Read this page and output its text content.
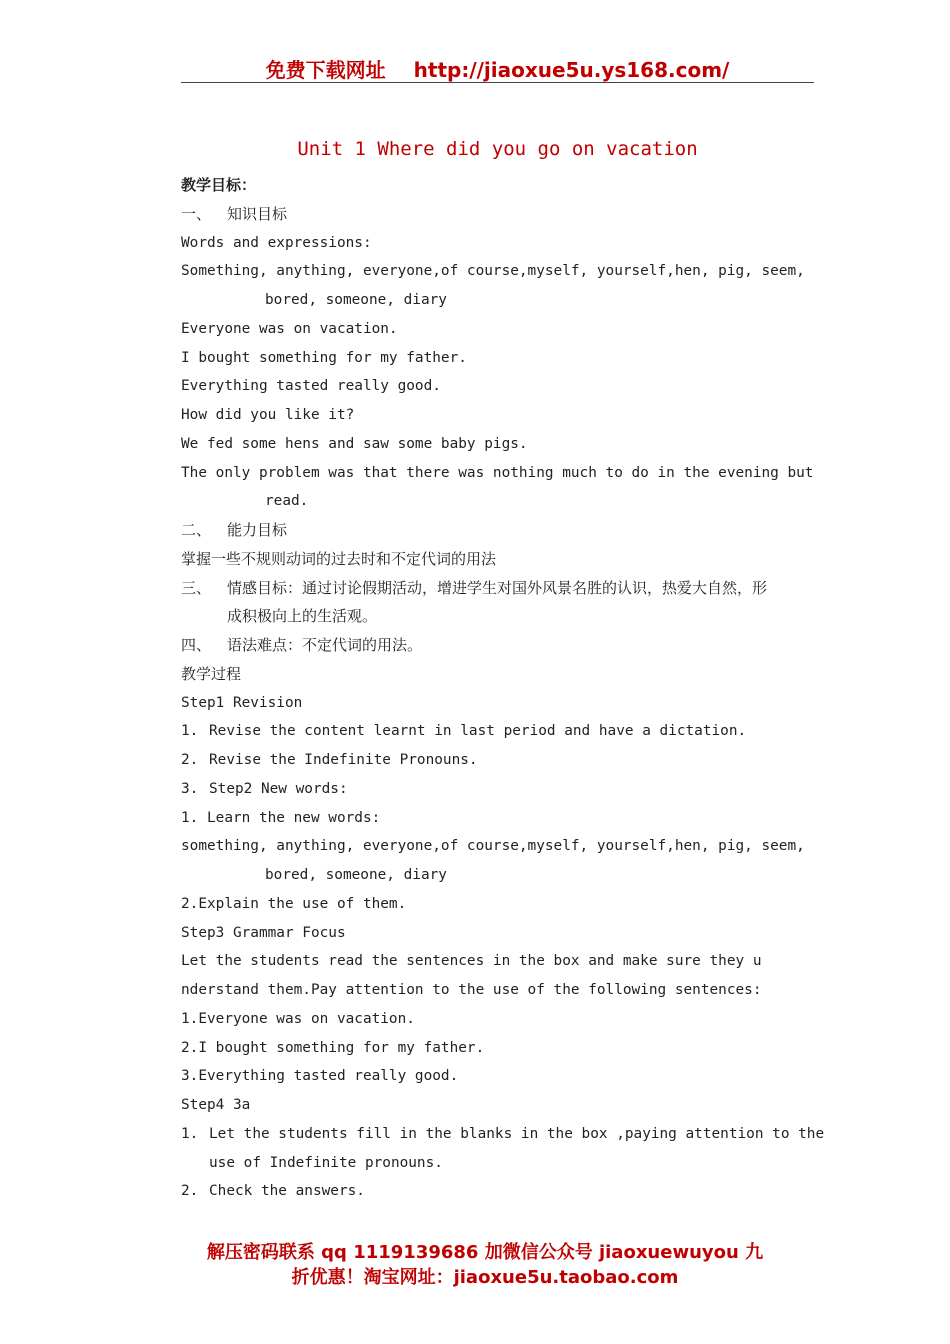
免费下载网址 http://jiaoxue5u.ys168.com/
Unit 1 Where did you go on vacation
教学目标：
一、 知识目标
Words and expressions:
Something, anything, everyone,of course,myself, yourself,hen, pig, seem,
bored, someone, diary
Everyone was on vacation.
I bought something for my father.
Everything tasted really good.
How did you like it?
We fed some hens and saw some baby pigs.
The only problem was that there was nothing much to do in the evening but
read.
二、 能力目标
掌握一些不规则动词的过去时和不定代词的用法
三、 情感目标：通过讨论假期活动，增进学生对国外风景名胜的认识，热爱大自然，形
成积极向上的生活观。
四、 语法难点：不定代词的用法。
教学过程
Step1 Revision
1. Revise the content learnt in last period and have a dictation.
2. Revise the Indefinite Pronouns.
3. Step2 New words:
1. Learn the new words:
something, anything, everyone,of course,myself, yourself,hen, pig, seem,
bored, someone, diary
2.Explain the use of them.
Step3 Grammar Focus
Let the students read the sentences in the box and make sure they u
nderstand them.Pay attention to the use of the following sentences:
1.Everyone was on vacation.
2.I bought something for my father.
3.Everything tasted really good.
Step4 3a
1. Let the students fill in the blanks in the box ,paying attention to the
use of Indefinite pronouns.
2. Check the answers.
解压密码联系 qq 1119139686 加微信公众号 jiaoxuewuyou 九
折优惠！淘宝网址：jiaoxue5u.taobao.com
